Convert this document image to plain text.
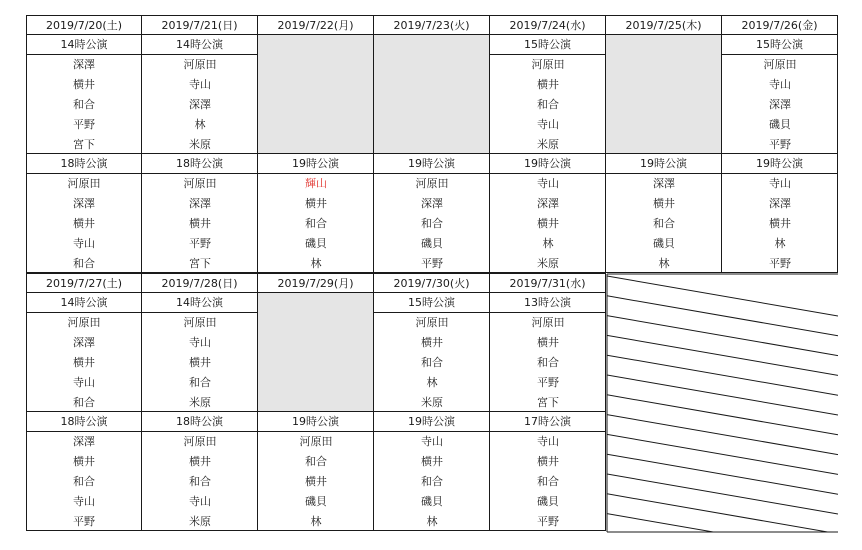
2019/7/20(土)
14時公演
深澤
横井
和合
平野
宮下
18時公演
河原田
深澤
横井
寺山
和合
2019/7/21(日)
14時公演
河原田
寺山
深澤
林
米原
18時公演
河原田
深澤
横井
平野
宮下
2019/7/22(月)
19時公演
輝山
横井
和合
磯貝
林
2019/7/23(火)
19時公演
河原田
深澤
和合
磯貝
平野
2019/7/24(水)
15時公演
河原田
横井
和合
寺山
米原
19時公演
寺山
深澤
横井
林
米原
2019/7/25(木)
19時公演
深澤
横井
和合
磯貝
林
2019/7/26(金)
15時公演
河原田
寺山
深澤
磯貝
平野
19時公演
寺山
深澤
横井
林
平野
2019/7/27(土)
14時公演
河原田
深澤
横井
寺山
和合
18時公演
深澤
横井
和合
寺山
平野
2019/7/28(日)
14時公演
河原田
寺山
横井
和合
米原
18時公演
河原田
横井
和合
寺山
米原
2019/7/29(月)
19時公演
河原田
和合
横井
磯貝
林
2019/7/30(火)
15時公演
河原田
横井
和合
林
米原
19時公演
寺山
横井
和合
磯貝
林
2019/7/31(水)
13時公演
河原田
横井
和合
平野
宮下
17時公演
寺山
横井
和合
磯貝
平野
